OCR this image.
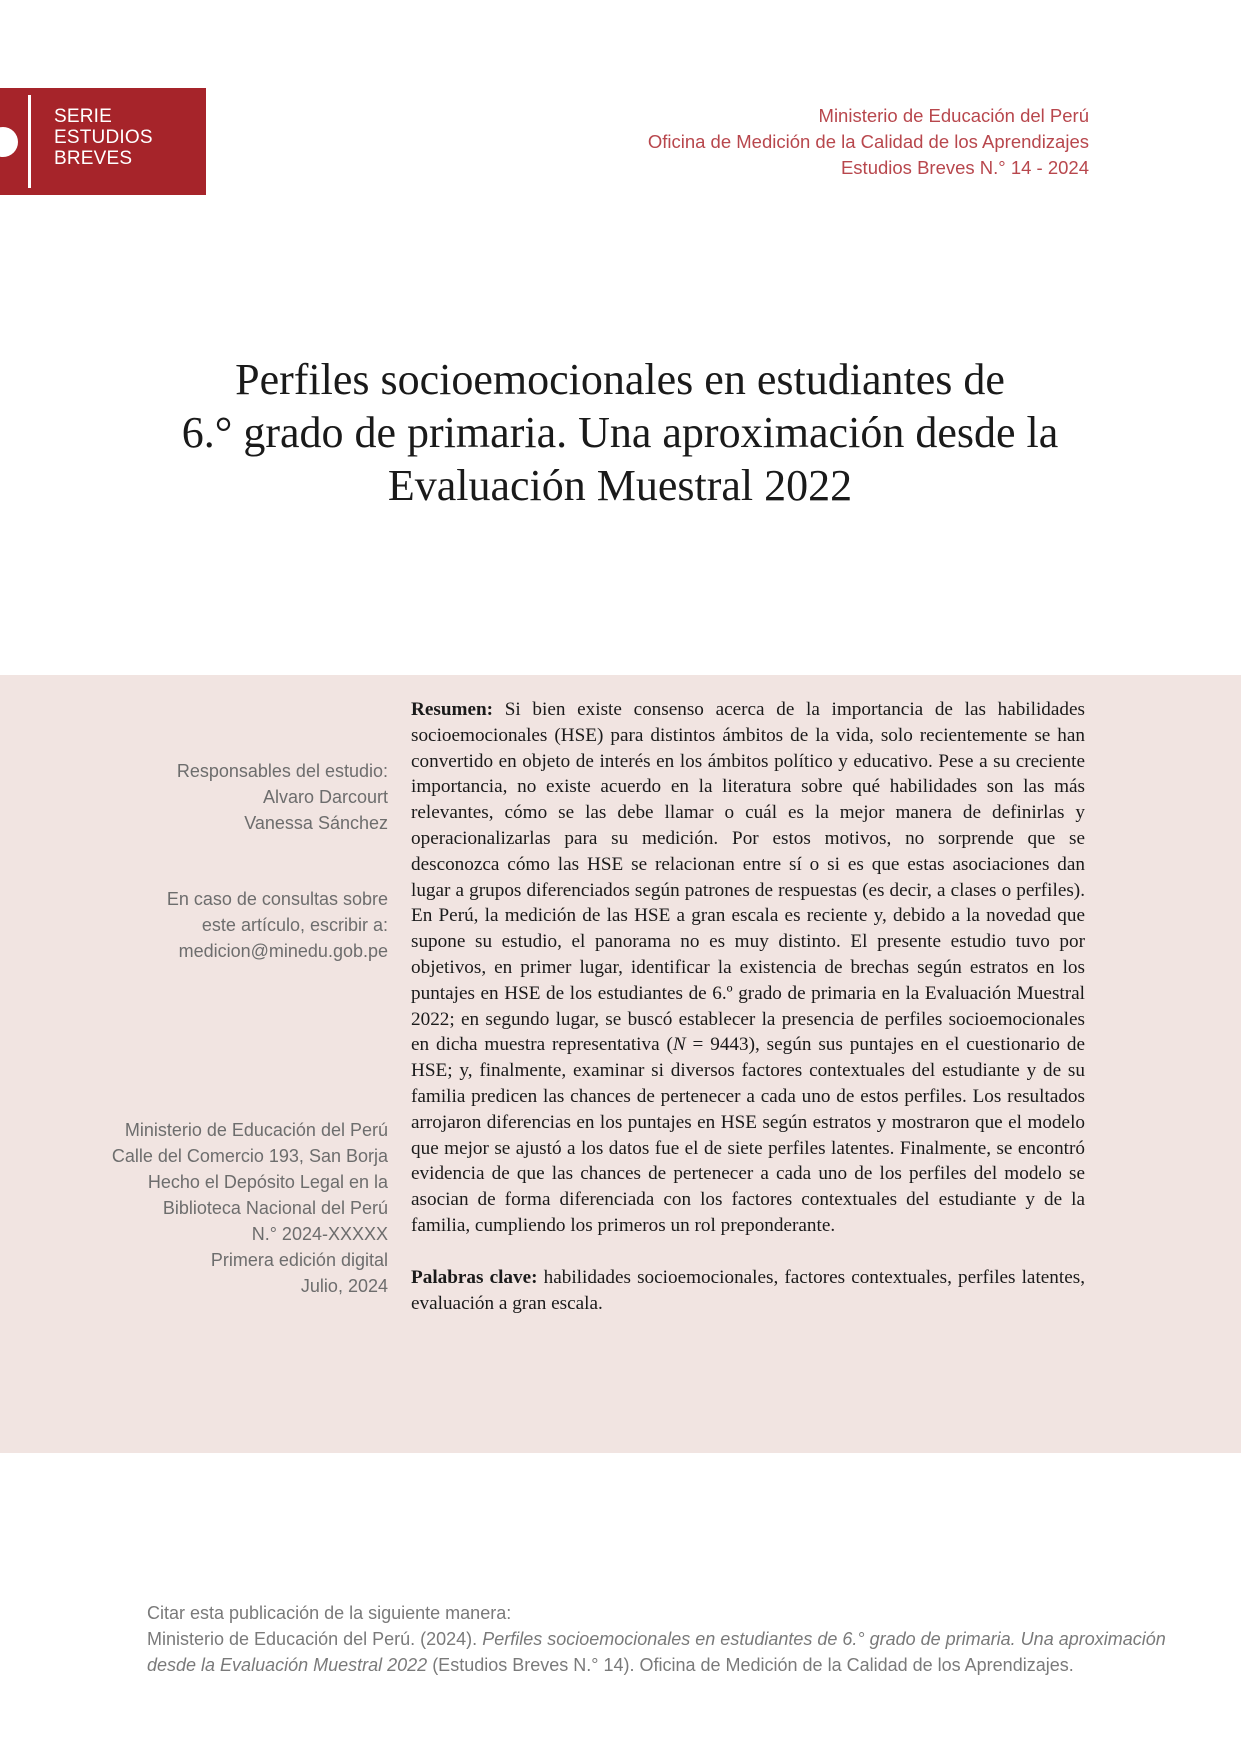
SERIE
ESTUDIOS
BREVES
Ministerio de Educación del Perú
Oficina de Medición de la Calidad de los Aprendizajes
Estudios Breves N.° 14 - 2024
Perfiles socioemocionales en estudiantes de
6.° grado de primaria. Una aproximación desde la
Evaluación Muestral 2022
Responsables del estudio:
Alvaro Darcourt
Vanessa Sánchez
En caso de consultas sobre
este artículo, escribir a:
medicion@minedu.gob.pe
Ministerio de Educación del Perú
Calle del Comercio 193, San Borja
Hecho el Depósito Legal en la
Biblioteca Nacional del Perú
N.° 2024-XXXXX
Primera edición digital
Julio, 2024

Resumen: Si bien existe consenso acerca de la importancia de las habilidades socioemocionales (HSE) para distintos ámbitos de la vida, solo recientemente se han convertido en objeto de interés en los ámbitos político y educativo. Pese a su creciente importancia, no existe acuerdo en la literatura sobre qué habilidades son las más relevantes, cómo se las debe llamar o cuál es la mejor manera de definirlas y operacionalizarlas para su medición. Por estos motivos, no sorprende que se desconozca cómo las HSE se relacionan entre sí o si es que estas asociaciones dan lugar a grupos diferenciados según patrones de respuestas (es decir, a clases o perfiles). En Perú, la medición de las HSE a gran escala es reciente y, debido a la novedad que supone su estudio, el panorama no es muy distinto. El presente estudio tuvo por objetivos, en primer lugar, identificar la existencia de brechas según estratos en los puntajes en HSE de los estudiantes de 6.º grado de primaria en la Evaluación Muestral 2022; en segundo lugar, se buscó establecer la presencia de perfiles socioemocionales en dicha muestra representativa (N = 9443), según sus puntajes en el cuestionario de HSE; y, finalmente, examinar si diversos factores contextuales del estudiante y de su familia predicen las chances de pertenecer a cada uno de estos perfiles. Los resultados arrojaron diferencias en los puntajes en HSE según estratos y mostraron que el modelo que mejor se ajustó a los datos fue el de siete perfiles latentes. Finalmente, se encontró evidencia de que las chances de pertenecer a cada uno de los perfiles del modelo se asocian de forma diferenciada con los factores contextuales del estudiante y de la familia, cumpliendo los primeros un rol preponderante.

Palabras clave: habilidades socioemocionales, factores contextuales, perfiles latentes, evaluación a gran escala.

Citar esta publicación de la siguiente manera:
Ministerio de Educación del Perú. (2024). Perfiles socioemocionales en estudiantes de 6.° grado de primaria. Una aproximación
desde la Evaluación Muestral 2022 (Estudios Breves N.° 14). Oficina de Medición de la Calidad de los Aprendizajes.
